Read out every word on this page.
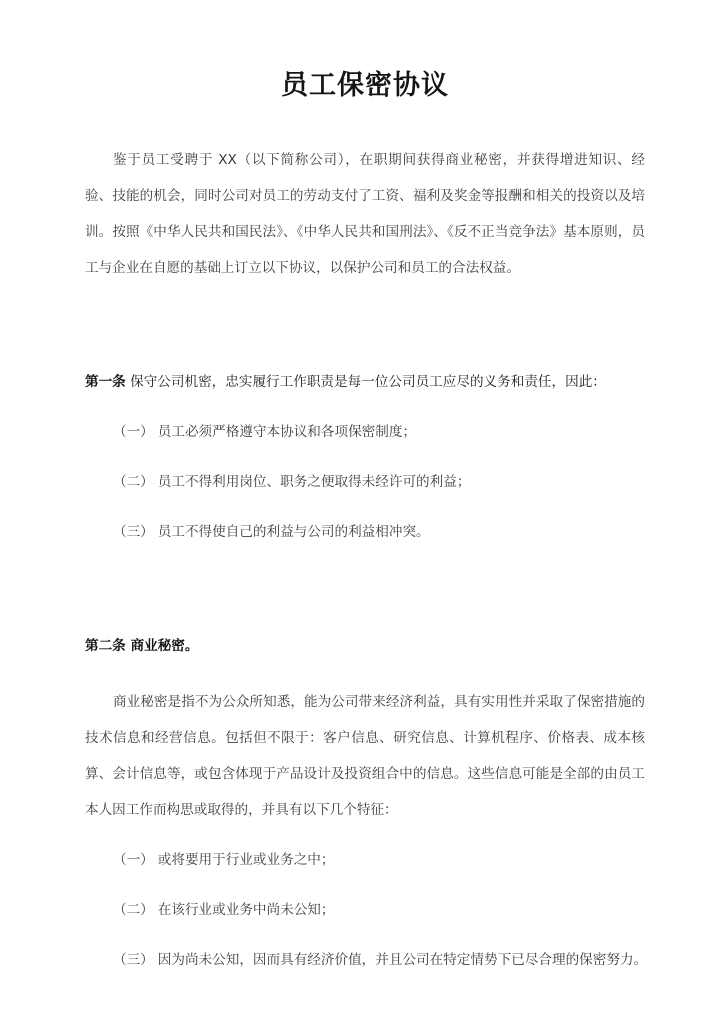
员工保密协议

鉴于员工受聘于 XX（以下简称公司），在职期间获得商业秘密，并获得增进知识、经验、技能的机会，同时公司对员工的劳动支付了工资、福利及奖金等报酬和相关的投资以及培训。按照《中华人民共和国民法》、《中华人民共和国刑法》、《反不正当竞争法》基本原则，员工与企业在自愿的基础上订立以下协议，以保护公司和员工的合法权益。

第一条 保守公司机密，忠实履行工作职责是每一位公司员工应尽的义务和责任，因此：

（一） 员工必须严格遵守本协议和各项保密制度；
（二） 员工不得利用岗位、职务之便取得未经许可的利益；
（三） 员工不得使自己的利益与公司的利益相冲突。

第二条 商业秘密。

商业秘密是指不为公众所知悉，能为公司带来经济利益，具有实用性并采取了保密措施的技术信息和经营信息。包括但不限于：客户信息、研究信息、计算机程序、价格表、成本核算、会计信息等，或包含体现于产品设计及投资组合中的信息。这些信息可能是全部的由员工本人因工作而构思或取得的，并具有以下几个特征：

（一） 或将要用于行业或业务之中；
（二） 在该行业或业务中尚未公知；
（三） 因为尚未公知，因而具有经济价值，并且公司在特定情势下已尽合理的保密努力。
